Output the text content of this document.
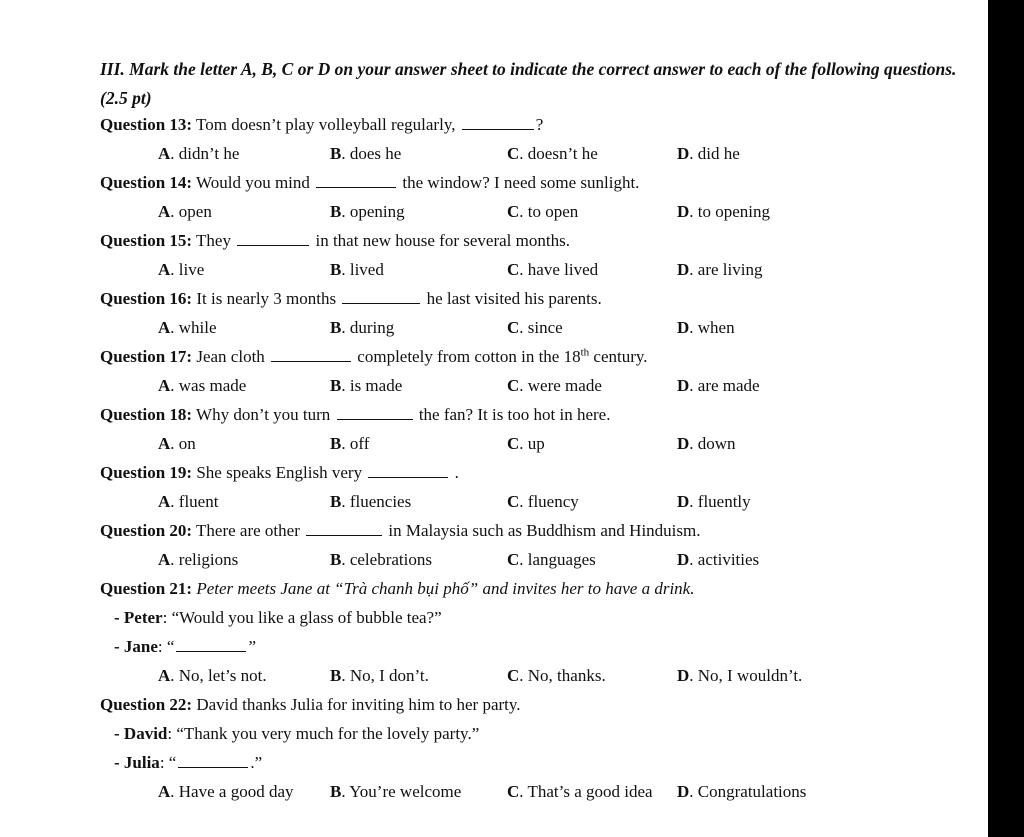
III. Mark the letter A, B, C or D on your answer sheet to indicate the correct answer to each of the following questions. (2.5 pt)
Question 13: Tom doesn’t play volleyball regularly,	?
A. didn’t he	B. does he	C. doesn’t he	D. did he
Question 14: Would you mind	the window? I need some sunlight.
A. open	B. opening	C. to open	D. to opening
Question 15: They	in that new house for several months.
A. live	B. lived	C. have lived	D. are living
Question 16: It is nearly 3 months	he last visited his parents.
A. while	B. during	C. since	D. when
Question 17: Jean cloth	completely from cotton in the 18th century.
A. was made	B. is made	C. were made	D. are made
Question 18: Why don’t you turn	the fan? It is too hot in here.
A. on	B. off	C. up	D. down
Question 19: She speaks English very	.
A. fluent	B. fluencies	C. fluency	D. fluently
Question 20: There are other	in Malaysia such as Buddhism and Hinduism.
A. religions	B. celebrations	C. languages	D. activities
Question 21: Peter meets Jane at “Trà chanh bụi phố” and invites her to have a drink.
- Peter: “Would you like a glass of bubble tea?”
- Jane: “	”
A. No, let’s not.	B. No, I don’t.	C. No, thanks.	D. No, I wouldn’t.
Question 22: David thanks Julia for inviting him to her party.
- David: “Thank you very much for the lovely party.”
- Julia: “	.”
A. Have a good day B. You’re welcome	C. That’s a good idea D. Congratulations
